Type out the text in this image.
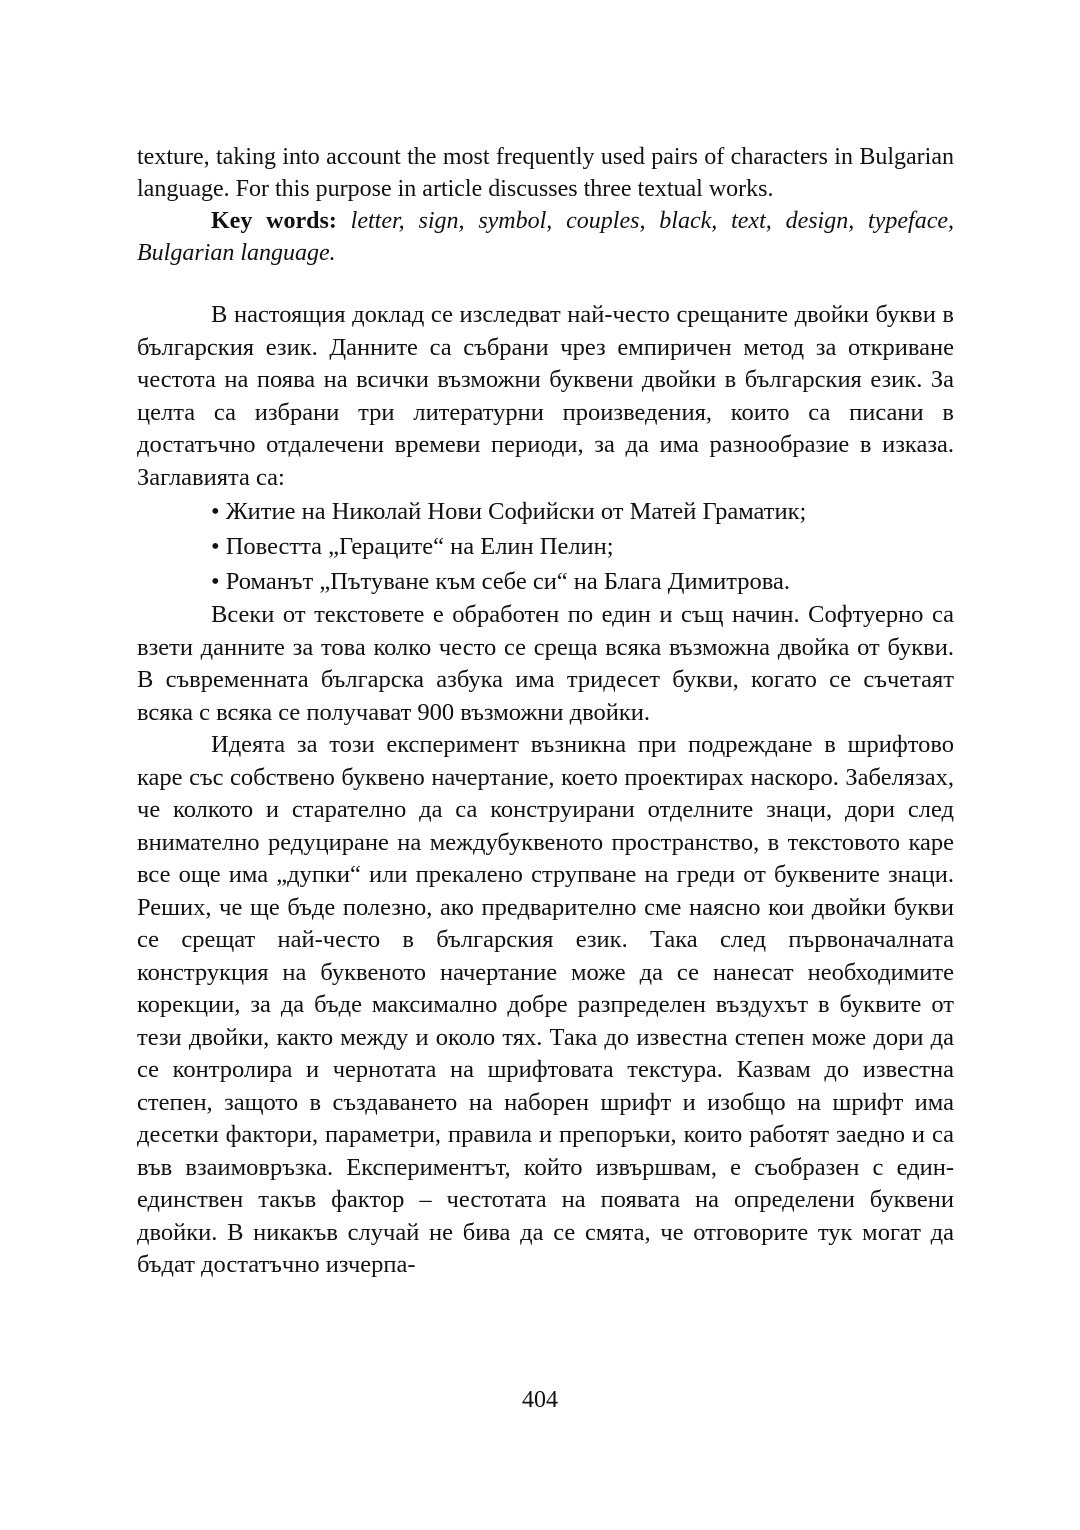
texture, taking into account the most frequently used pairs of characters in Bulgarian language. For this purpose in article discusses three textual works.

Key words: letter, sign, symbol, couples, black, text, design, typeface, Bulgarian language.

В настоящия доклад се изследват най-често срещаните двойки букви в българския език. Данните са събрани чрез емпиричен метод за откриване честота на поява на всички възможни буквени двойки в българския език. За целта са избрани три литературни произведения, които са писани в достатъчно отдалечени времеви периоди, за да има разнообразие в изказа. Заглавията са:

• Житие на Николай Нови Софийски от Матей Граматик;
• Повестта „Гераците“ на Елин Пелин;
• Романът „Пътуване към себе си“ на Блага Димитрова.

Всеки от текстовете е обработен по един и същ начин. Софтуерно са взети данните за това колко често се среща всяка възможна двойка от букви. В съвременната българска азбука има тридесет букви, когато се съчетаят всяка с всяка се получават 900 възможни двойки.

Идеята за този експеримент възникна при подреждане в шрифтово каре със собствено буквено начертание, което проектирах наскоро. Забелязах, че колкото и старателно да са конструирани отделните знаци, дори след внимателно редуциране на междубуквеното пространство, в текстовото каре все още има „дупки“ или прекалено струпване на греди от буквените знаци. Реших, че ще бъде полезно, ако предварително сме наясно кои двойки букви се срещат най-често в българския език. Така след първоначалната конструкция на буквеното начертание може да се нанесат необходимите корекции, за да бъде максимално добре разпределен въздухът в буквите от тези двойки, както между и около тях. Така до известна степен може дори да се контролира и чернотата на шрифтовата текстура. Казвам до известна степен, защото в създаването на наборен шрифт и изобщо на шрифт има десетки фактори, параметри, правила и препоръки, които работят заедно и са във взаимовръзка. Експериментът, който извършвам, е съобразен с един-единствен такъв фактор – честотата на появата на определени буквени двойки. В никакъв случай не бива да се смята, че отговорите тук могат да бъдат достатъчно изчерпа-

404
